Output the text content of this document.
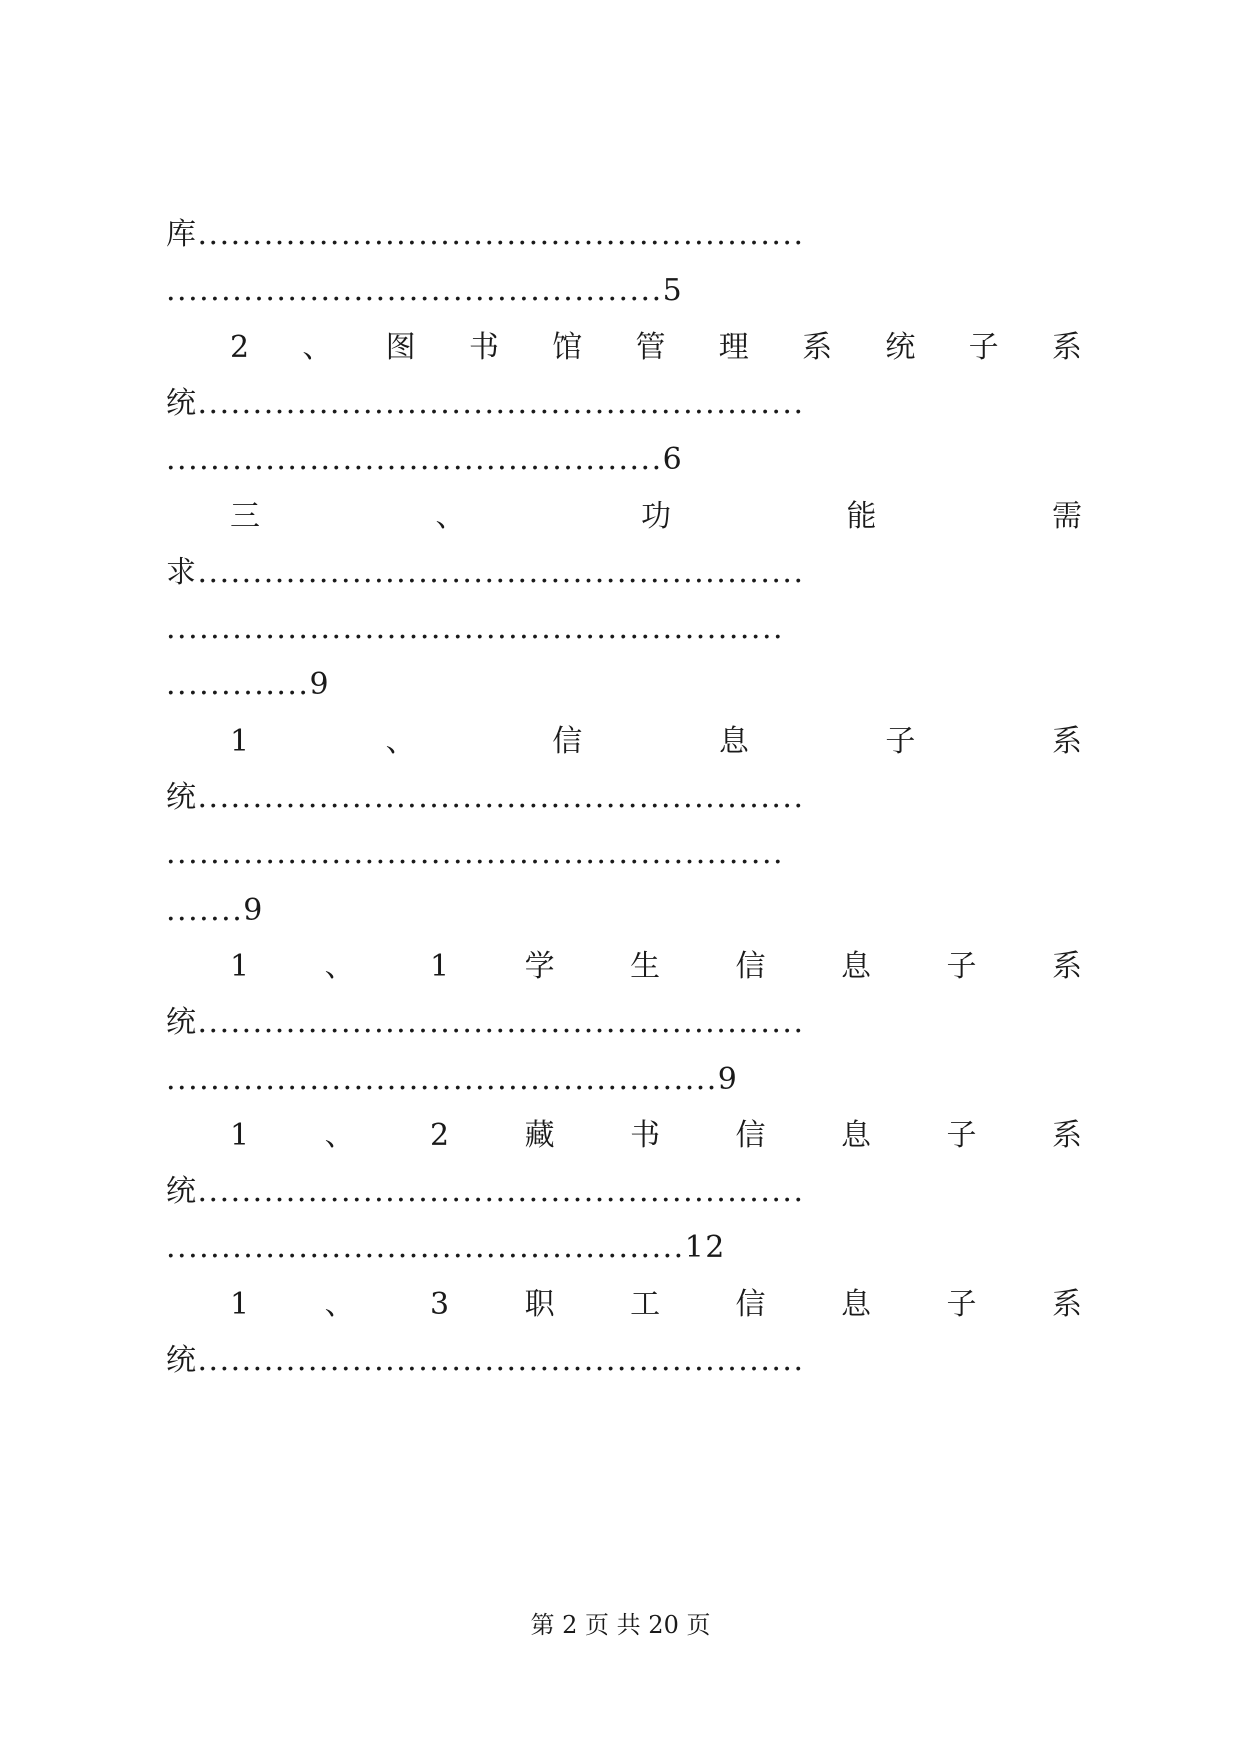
库.......................................................
.............................................5
2 、 图 书 馆 管 理 系 统 子 系
统.......................................................
.............................................6
三	、	功	能	需
求.......................................................
........................................................
.............9
1	、	信	息	子	系
统.......................................................
........................................................
.......9
1	、	1	学	生	信	息	子	系
统.......................................................
..................................................9
1	、	2	藏	书	信	息	子	系
统.......................................................
...............................................12
1	、	3	职	工	信	息	子	系
统.......................................................
第 2 页 共 20 页
